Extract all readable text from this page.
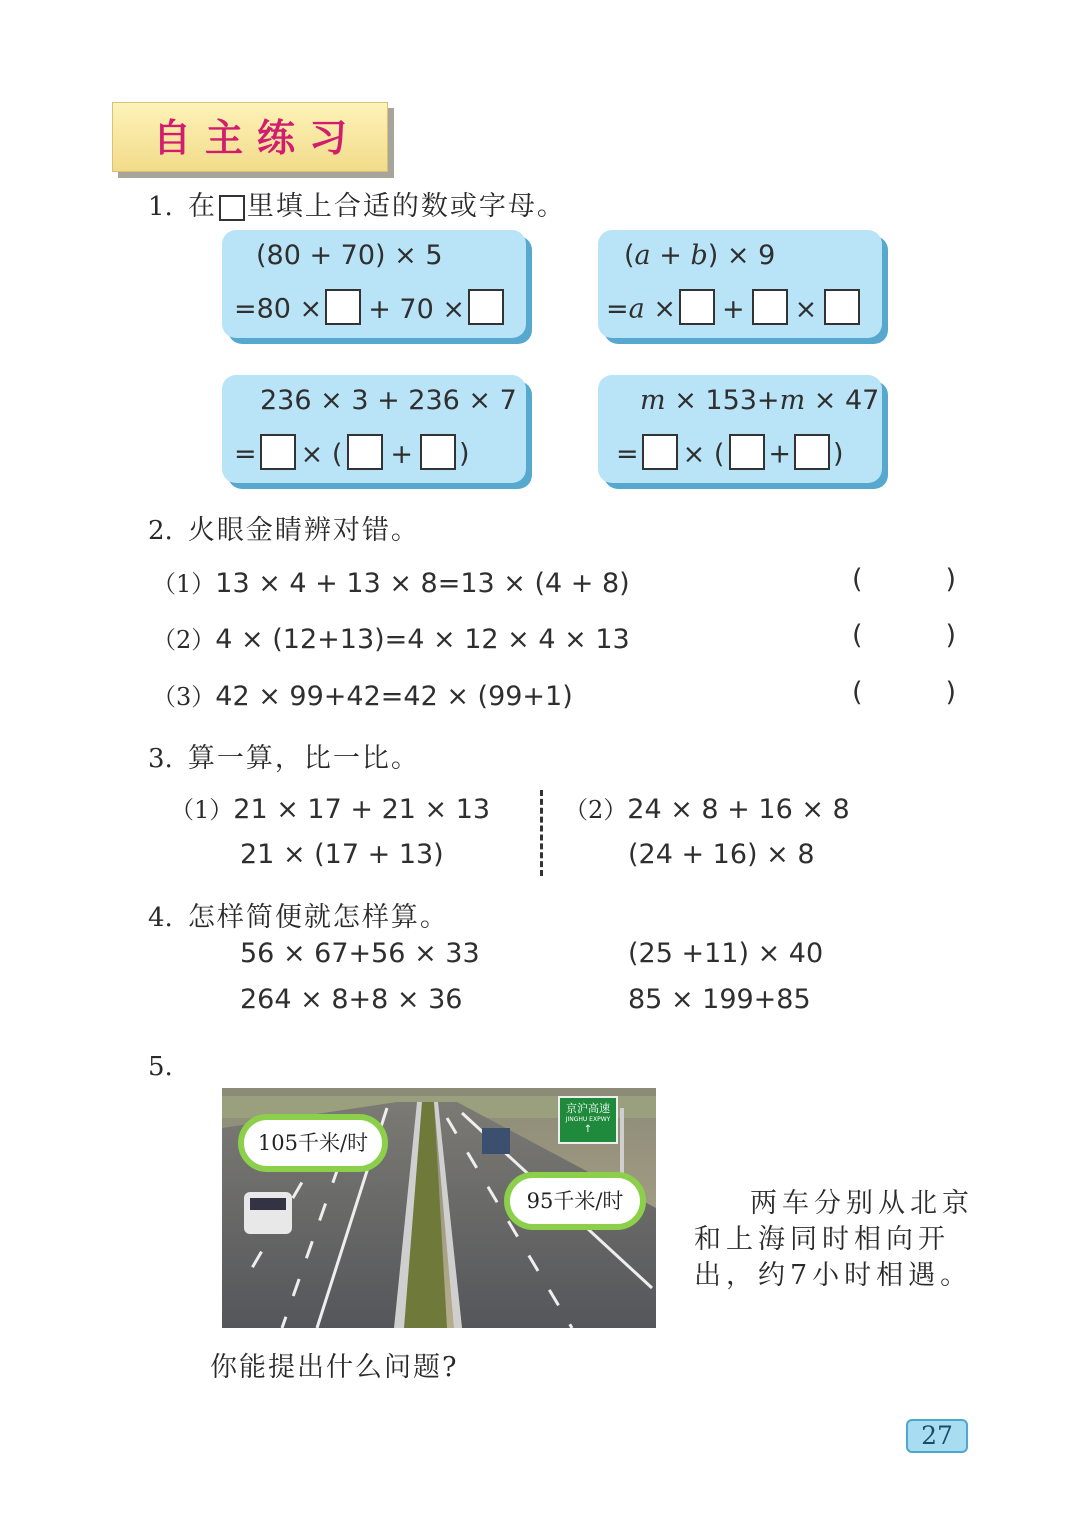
自主练习
1. 在 里填上合适的数或字母。
(80 + 70) × 5
=80 × + 70 ×
(a + b) × 9
=a × + ×
236 × 3 + 236 × 7
= × ( + )
m × 153+m × 47
= × ( + )
2. 火眼金睛辨对错。
（1）13 × 4 + 13 × 8=13 × (4 + 8)	(	)
（2）4 × (12+13)=4 × 12 × 4 × 13	(	)
（3）42 × 99+42=42 × (99+1)	(	)
3. 算一算，比一比。
（1）21 × 17 + 21 × 13
21 × (17 + 13)
（2）24 × 8 + 16 × 8
(24 + 16) × 8
4. 怎样简便就怎样算。
56 × 67+56 × 33	(25 +11) × 40
264 × 8+8 × 36	85 × 199+85
5.
京沪高速
JINGHU EXPWY
↑
105千米/时
95千米/时	两车分别从北京
和上海同时相向开
出，约7小时相遇。
你能提出什么问题?
27
